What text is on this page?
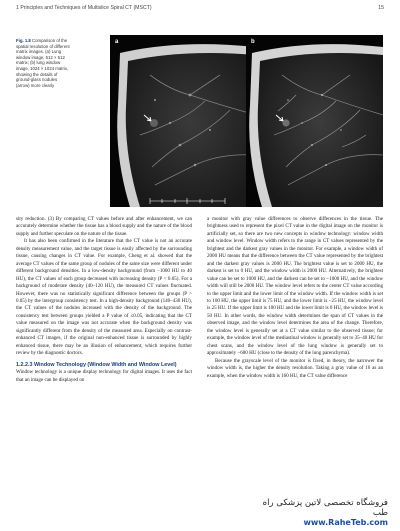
1 Principles and Techniques of Multislice Spiral CT (MSCT)	15
Fig. 1.8 Comparison of the spatial resolution of different matrix images. (a) Lung window image, 512 × 512 matrix; (b) lung window image, 1024 × 1024 matrix, showing the details of ground-glass nodules (arrow) more clearly
a	b

sity reduction. (3) By comparing CT values before and after enhancement, we can accurately determine whether the tissue has a blood supply and the nature of the blood supply and further speculate on the nature of the tissue.

It has also been confirmed in the literature that the CT value is not an accurate density measurement value, and the target tissue is easily affected by the surrounding tissue, causing changes in CT value. For example, Cheng et al. showed that the average CT values of the same group of nodules of the same size were different under different background densities. In a low-density background (from −1000 HU to 40 HU), the CT values of each group decreased with increasing density (P < 0.05). For a background of moderate density (40–120 HU), the measured CT values fluctuated. However, there was no statistically significant difference between the groups (P > 0.05) by the intergroup consistency test. In a high-density background (140–430 HU), the CT values of the nodules increased with the density of the background. The consistency test between groups yielded a P value of ≤0.05, indicating that the CT value measured on the image was not accurate when the background density was significantly different from the density of the measured area. Especially on contrast-enhanced CT images, if the original non-enhanced tissue is surrounded by highly enhanced tissue, there may be an illusion of enhancement, which requires further review by the diagnostic doctors.

1.2.2.3 Window Technology (Window Width and Window Level)

Window technology is a unique display technology for digital images. It uses the fact that an image can be displayed on

a monitor with gray value differences to observe differences in the tissue. The brightness used to represent the pixel CT value in the digital image on the monitor is artificially set, so there are two new concepts in window technology: window width and window level. Window width refers to the range in CT values represented by the brightest and the darkest gray values in the monitor. For example, a window width of 2000 HU means that the difference between the CT value represented by the brightest and the darkest gray values is 2000 HU. The brightest value is set to 2000 HU, the darkest is set to 0 HU, and the window width is 2000 HU. Alternatively, the brightest value can be set to 1000 HU, and the darkest can be set to −1000 HU, and the window width will still be 2000 HU. The window level refers to the center CT value according to the upper limit and the lower limit of the window width. If the window width is set to 100 HU, the upper limit is 75 HU, and the lower limit is −25 HU, the window level is 25 HU. If the upper limit is 100 HU and the lower limit is 0 HU, the window level is 50 HU. In other words, the window width determines the span of CT values in the observed image, and the window level determines the area of the change. Therefore, the window level is generally set at a CT value similar to the observed tissue; for example, the window level of the mediastinal window is generally set to 35–40 HU for chest scans, and the window level of the lung window is generally set to approximately −600 HU (close to the density of the lung parenchyma).

Because the grayscale level of the monitor is fixed, in theory, the narrower the window width is, the higher the density resolution. Taking a gray value of 16 as an example, when the window width is 160 HU, the CT value difference

فروشگاه تخصصی لاتین پزشکی راه طب
www.RaheTeb.com
